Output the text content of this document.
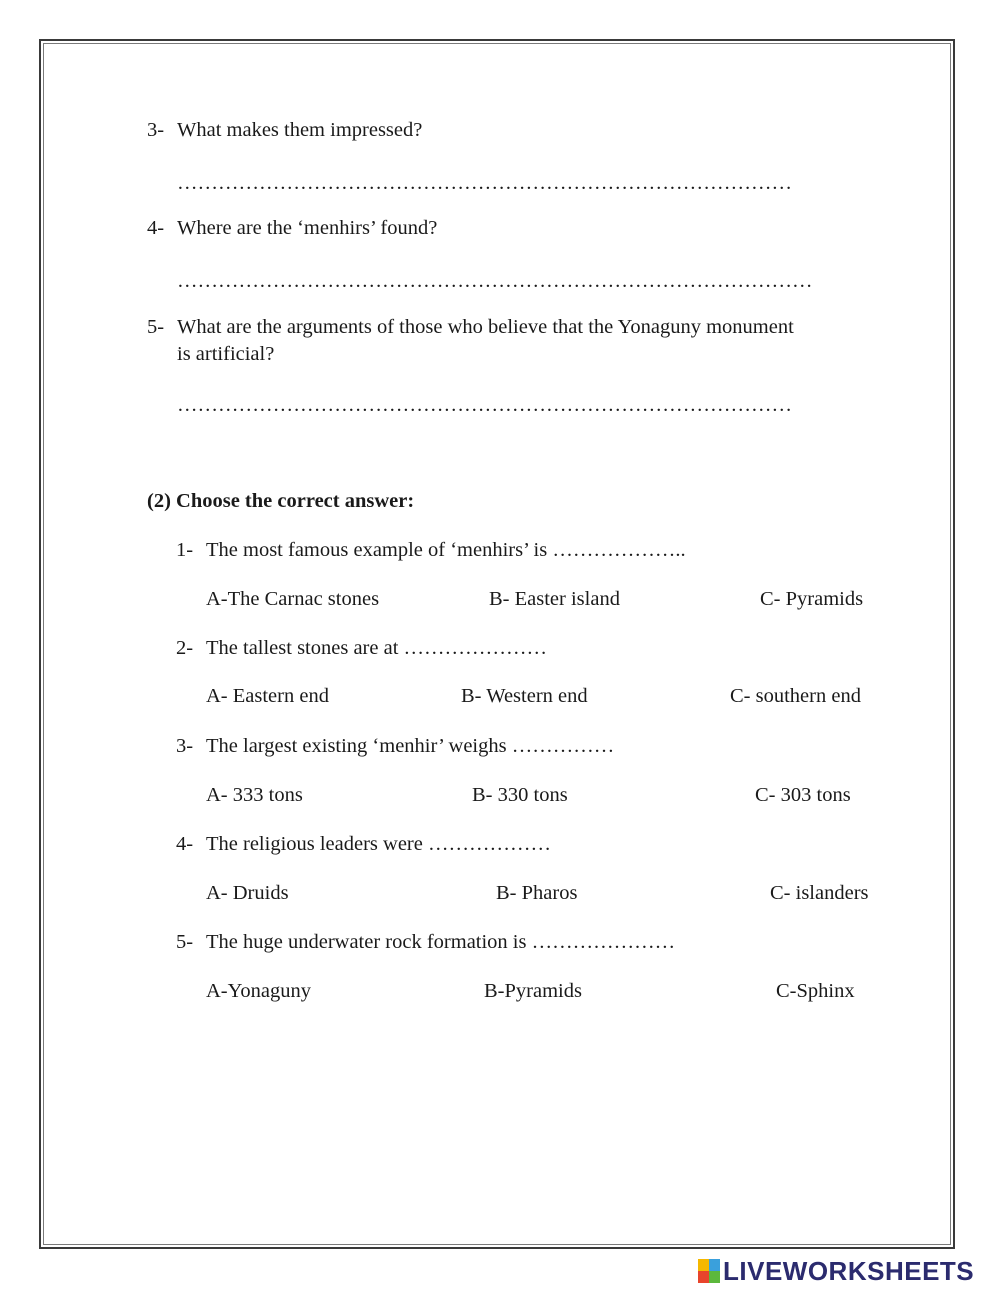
3- What makes them impressed?
………………………………………………………………………………
4- Where are the ‘menhirs’ found?
…………………………………………………………………………………
5- What are the arguments of those who believe that the Yonaguny monument
is artificial?
………………………………………………………………………………
(2) Choose the correct answer:
1- The most famous example of ‘menhirs’ is ………………..
A-The Carnac stones	B- Easter island	C- Pyramids
2- The tallest stones are at …………………
A- Eastern end	B- Western end	C- southern end
3- The largest existing ‘menhir’ weighs ……………
A- 333 tons	B- 330 tons	C- 303 tons
4- The religious leaders were ………………
A- Druids	B- Pharos	C- islanders
5- The huge underwater rock formation is …………………
A-Yonaguny	B-Pyramids	C-Sphinx
LIVEWORKSHEETS
